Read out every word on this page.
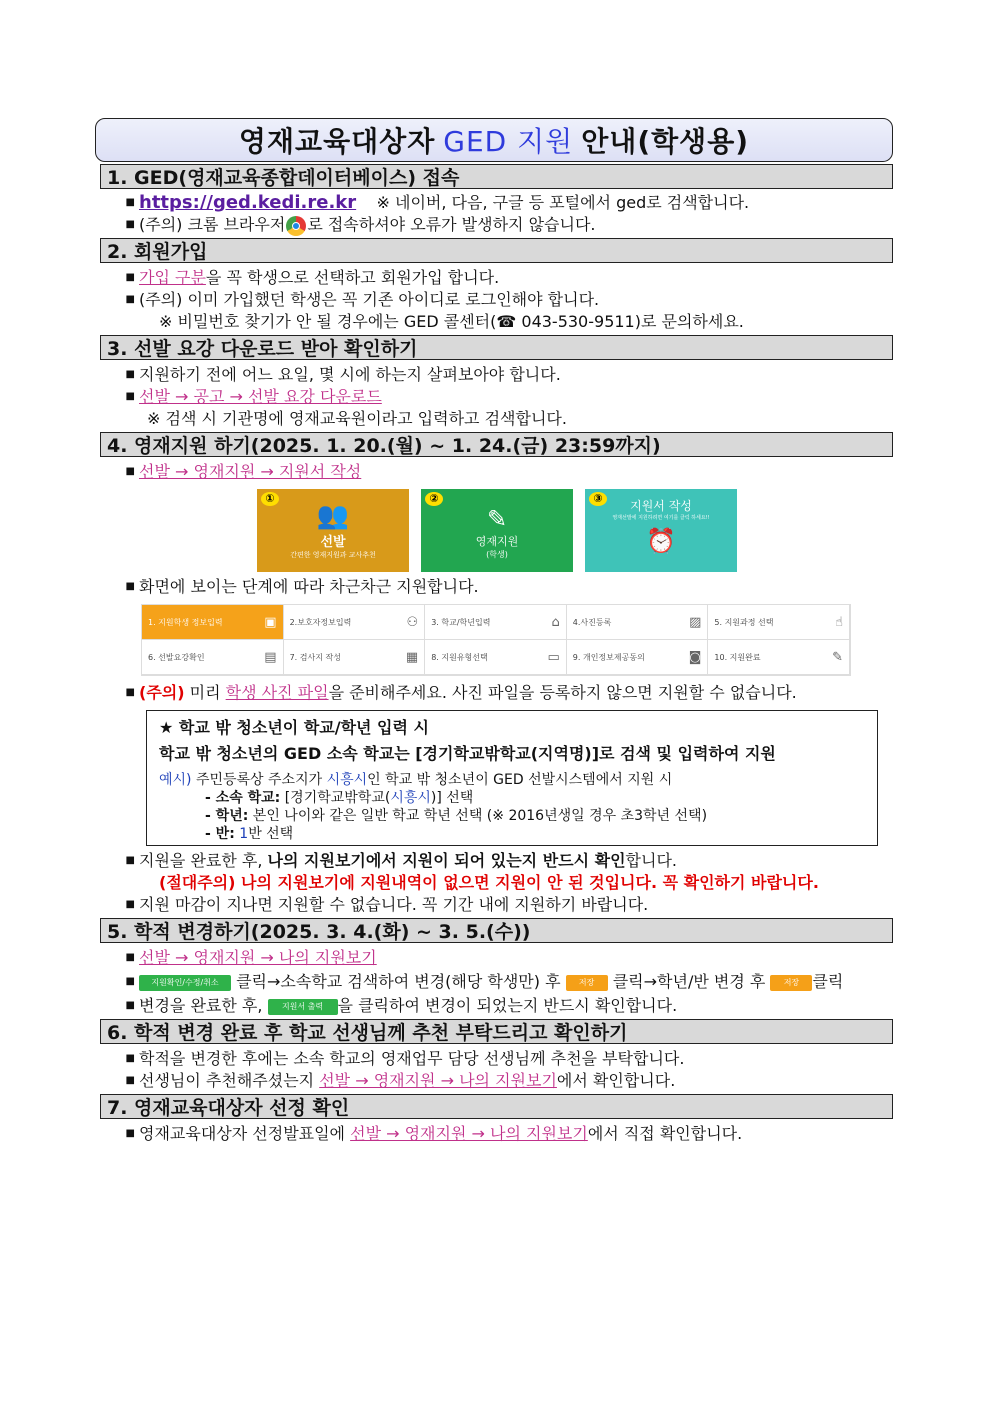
영재교육대상자 GED 지원 안내(학생용)
1. GED(영재교육종합데이터베이스) 접속
■ https://ged.kedi.re.kr ※ 네이버, 다음, 구글 등 포털에서 ged로 검색합니다.
■ (주의) 크롬 브라우저 로 접속하셔야 오류가 발생하지 않습니다.
2. 회원가입
■ 가입 구분을 꼭 학생으로 선택하고 회원가입 합니다.
■ (주의) 이미 가입했던 학생은 꼭 기존 아이디로 로그인해야 합니다.
※ 비밀번호 찾기가 안 될 경우에는 GED 콜센터(☎ 043-530-9511)로 문의하세요.
3. 선발 요강 다운로드 받아 확인하기
■ 지원하기 전에 어느 요일, 몇 시에 하는지 살펴보아야 합니다.
■ 선발 → 공고 → 선발 요강 다운로드
※ 검색 시 기관명에 영재교육원이라고 입력하고 검색합니다.
4. 영재지원 하기(2025. 1. 20.(월) ~ 1. 24.(금) 23:59까지)
■ 선발 → 영재지원 → 지원서 작성
①
👥
선발
간편한 영재지원과 교사추천
②
✎
영재지원
(학생)
③
지원서 작성
영재선발에 지원하려면 여기를 클릭 하세요!!
⏰
■ 화면에 보이는 단계에 따라 차근차근 지원합니다.
1. 지원학생 정보입력	▣ 2.보호자정보입력	⚇ 3. 학교/학년입력	⌂ 4.사진등록	▨ 5. 지원과정 선택	☝
6. 선발요강확인	▤ 7. 검사지 작성	▦ 8. 지원유형선택	▭ 9. 개인정보제공동의	◙ 10. 지원완료	✎
■ (주의) 미리 학생 사진 파일을 준비해주세요. 사진 파일을 등록하지 않으면 지원할 수 없습니다.
★ 학교 밖 청소년이 학교/학년 입력 시
학교 밖 청소년의 GED 소속 학교는 [경기학교밖학교(지역명)]로 검색 및 입력하여 지원
예시) 주민등록상 주소지가 시흥시인 학교 밖 청소년이 GED 선발시스템에서 지원 시
- 소속 학교: [경기학교밖학교(시흥시)] 선택
- 학년: 본인 나이와 같은 일반 학교 학년 선택 (※ 2016년생일 경우 초3학년 선택)
- 반: 1반 선택
■ 지원을 완료한 후, 나의 지원보기에서 지원이 되어 있는지 반드시 확인합니다.
(절대주의) 나의 지원보기에 지원내역이 없으면 지원이 안 된 것입니다. 꼭 확인하기 바랍니다.
■ 지원 마감이 지나면 지원할 수 없습니다. 꼭 기간 내에 지원하기 바랍니다.
5. 학적 변경하기(2025. 3. 4.(화) ~ 3. 5.(수))
■ 선발 → 영재지원 → 나의 지원보기
■ 지원확인/수정/취소 클릭→소속학교 검색하여 변경(해당 학생만) 후 저장 클릭→학년/반 변경 후 저장 클릭
■ 변경을 완료한 후, 지원서 출력 을 클릭하여 변경이 되었는지 반드시 확인합니다.
6. 학적 변경 완료 후 학교 선생님께 추천 부탁드리고 확인하기
■ 학적을 변경한 후에는 소속 학교의 영재업무 담당 선생님께 추천을 부탁합니다.
■ 선생님이 추천해주셨는지 선발 → 영재지원 → 나의 지원보기에서 확인합니다.
7. 영재교육대상자 선정 확인
■ 영재교육대상자 선정발표일에 선발 → 영재지원 → 나의 지원보기에서 직접 확인합니다.
